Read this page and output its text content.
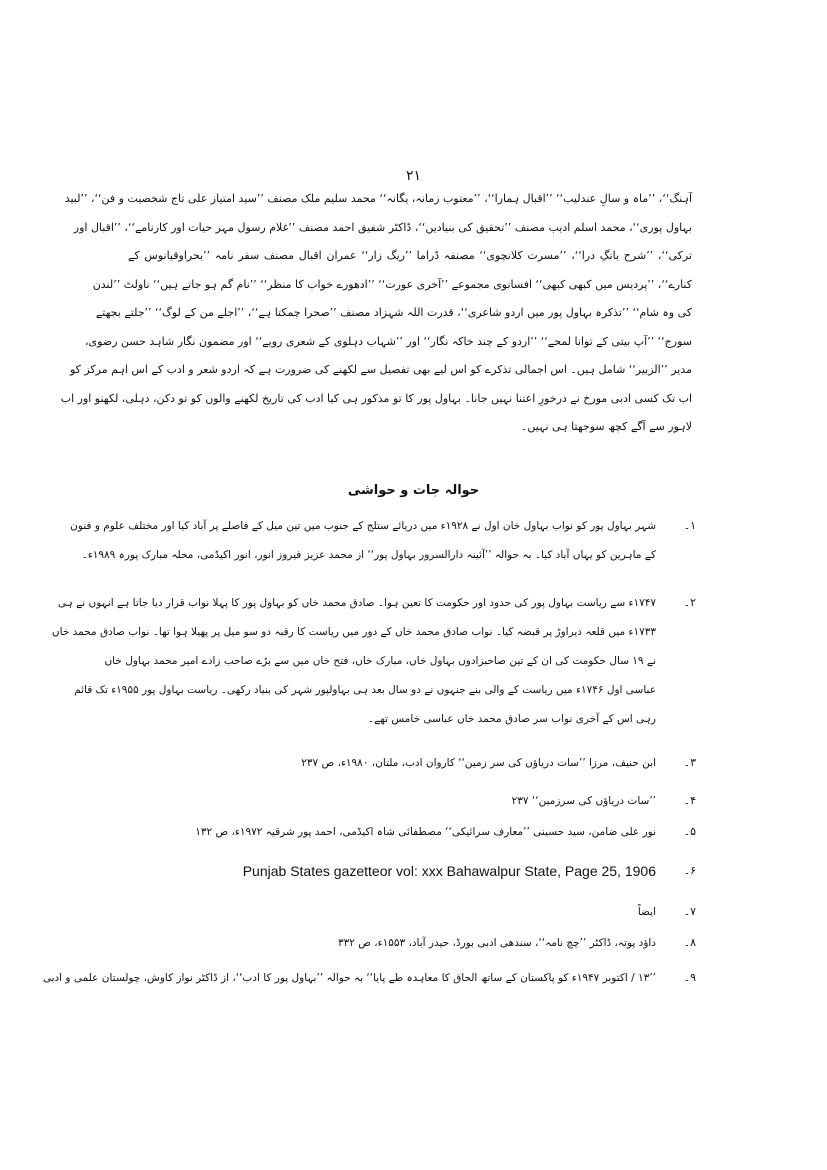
۲۱
آہنگ‘‘، ’’ماہ و سالِ عندلیب‘‘ ’’اقبال ہمارا‘‘، ’’معتوب زمانہ، یگانہ‘‘ محمد سلیم ملک مصنف ’’سید امتیاز علی تاج شخصیت و فن‘‘، ’’لبید
بہاول پوری‘‘، محمد اسلم ادیب مصنف ’’تحقیق کی بنیادیں‘‘، ڈاکٹر شفیق احمد مصنف ’’غلام رسول مہر حیات اور کارنامے‘‘، ’’اقبال اور
ترکی‘‘، ’’شرح بانگِ درا‘‘، ’’مسرت کلانچوی‘‘ مصنفہ ڈراما ’’ریگ زار‘‘ عمران اقبال مصنف سفر نامہ ’’بحراوقیانوس کے
کنارے‘‘، ’’پردیس میں کبھی کبھی‘‘ افسانوی مجموعے ’’آخری عورت‘‘ ’’ادھورے خواب کا منظر‘‘ ’’نام گم ہو جاتے ہیں‘‘ ناولٹ ’’لندن
کی وہ شام‘‘ ’’تذکرہ بہاول پور میں اردو شاعری‘‘، قدرت اللہ شہزاد مصنف ’’صحرا چمکتا ہے‘‘، ’’اجلے من کے لوگ‘‘ ’’جلتے بجھتے
سورج‘‘ ’’آپ بیتی کے توانا لمحے‘‘ ’’اردو کے چند خاکہ نگار‘‘ اور ’’شہاب دہلوی کے شعری رویے‘‘ اور مضمون نگار شاہد حسن رضوی،
مدیر ’’الزبیر‘‘ شامل ہیں۔ اس اجمالی تذکرے کو اس لیے بھی تفصیل سے لکھنے کی ضرورت ہے کہ اردو شعر و ادب کے اس اہم مرکز کو
اب تک کسی ادبی مورخ نے درخورِ اعتنا نہیں جانا۔ بہاول پور کا تو مذکور ہی کیا ادب کی تاریخ لکھنے والوں کو تو دکن، دہلی، لکھنو اور اب
لاہور سے آگے کچھ سوجھتا ہی نہیں۔
حوالہ جات و حواشی
۱۔
شہر بہاول پور کو نواب بہاول خان اول نے ۱۹۲۸ء میں دریائے ستلج کے جنوب میں تین میل کے فاصلے پر آباد کیا اور مختلف علوم و فنون
کے ماہرین کو یہاں آباد کیا۔ بہ حوالہ ’’آئینہ دارالسرور بہاول پور‘‘ از محمد عزیز فیروز انور، انور اکیڈمی، محلہ مبارک پورہ ۱۹۸۹ء۔
۲۔
۱۷۴۷ء سے ریاست بہاول پور کی حدود اور حکومت کا تعین ہوا۔ صادق محمد خاں کو بہاول پور کا پہلا نواب قرار دیا جاتا ہے انہوں نے ہی
۱۷۳۳ء میں قلعہ دیراوڑ پر قبضہ کیا۔ نواب صادق محمد خاں کے دور میں ریاست کا رقبہ دو سو میل پر پھیلا ہوا تھا۔ نواب صادق محمد خاں
نے ۱۹ سال حکومت کی ان کے تین صاحبزادوں بہاول خاں، مبارک خاں، فتح خاں میں سے بڑے صاحب زادے امیر محمد بہاول خاں
عباسی اول ۱۷۴۶ء میں ریاست کے والی بنے جنہوں نے دو سال بعد ہی بہاولپور شہر کی بنیاد رکھی۔ ریاست بہاول پور ۱۹۵۵ء تک قائم
رہی اس کے آخری نواب سر صادق محمد خاں عباسی خامس تھے۔
۳۔
ابن حنیف، مرزا ’’سات دریاؤں کی سر زمین‘‘ کاروان ادب، ملتان، ۱۹۸۰ء، ص ۲۳۷
۴۔
’’سات دریاؤں کی سرزمین‘‘ ۲۳۷
۵۔
نور علی ضامن، سید حسینی ’’معارف سرائیکی‘‘ مصطفائی شاہ اکیڈمی، احمد پور شرقیہ ۱۹۷۲ء، ص ۱۳۲
۶۔
Punjab States gazetteor vol: xxx Bahawalpur State, Page 25, 1906
۷۔
ایضاً
۸۔
داؤد پوتہ، ڈاکٹر ’’چچ نامہ‘‘، سندھی ادبی بورڈ، حیدر آباد، ۱۵۵۳ء، ص ۳۳۲
۹۔
’’۱۳ / اکتوبر ۱۹۴۷ء کو پاکستان کے ساتھ الحاق کا معاہدہ طے پایا‘‘ بہ حوالہ ’’بہاول پور کا ادب‘‘، از ڈاکٹر نواز کاوش، چولستان علمی و ادبی
